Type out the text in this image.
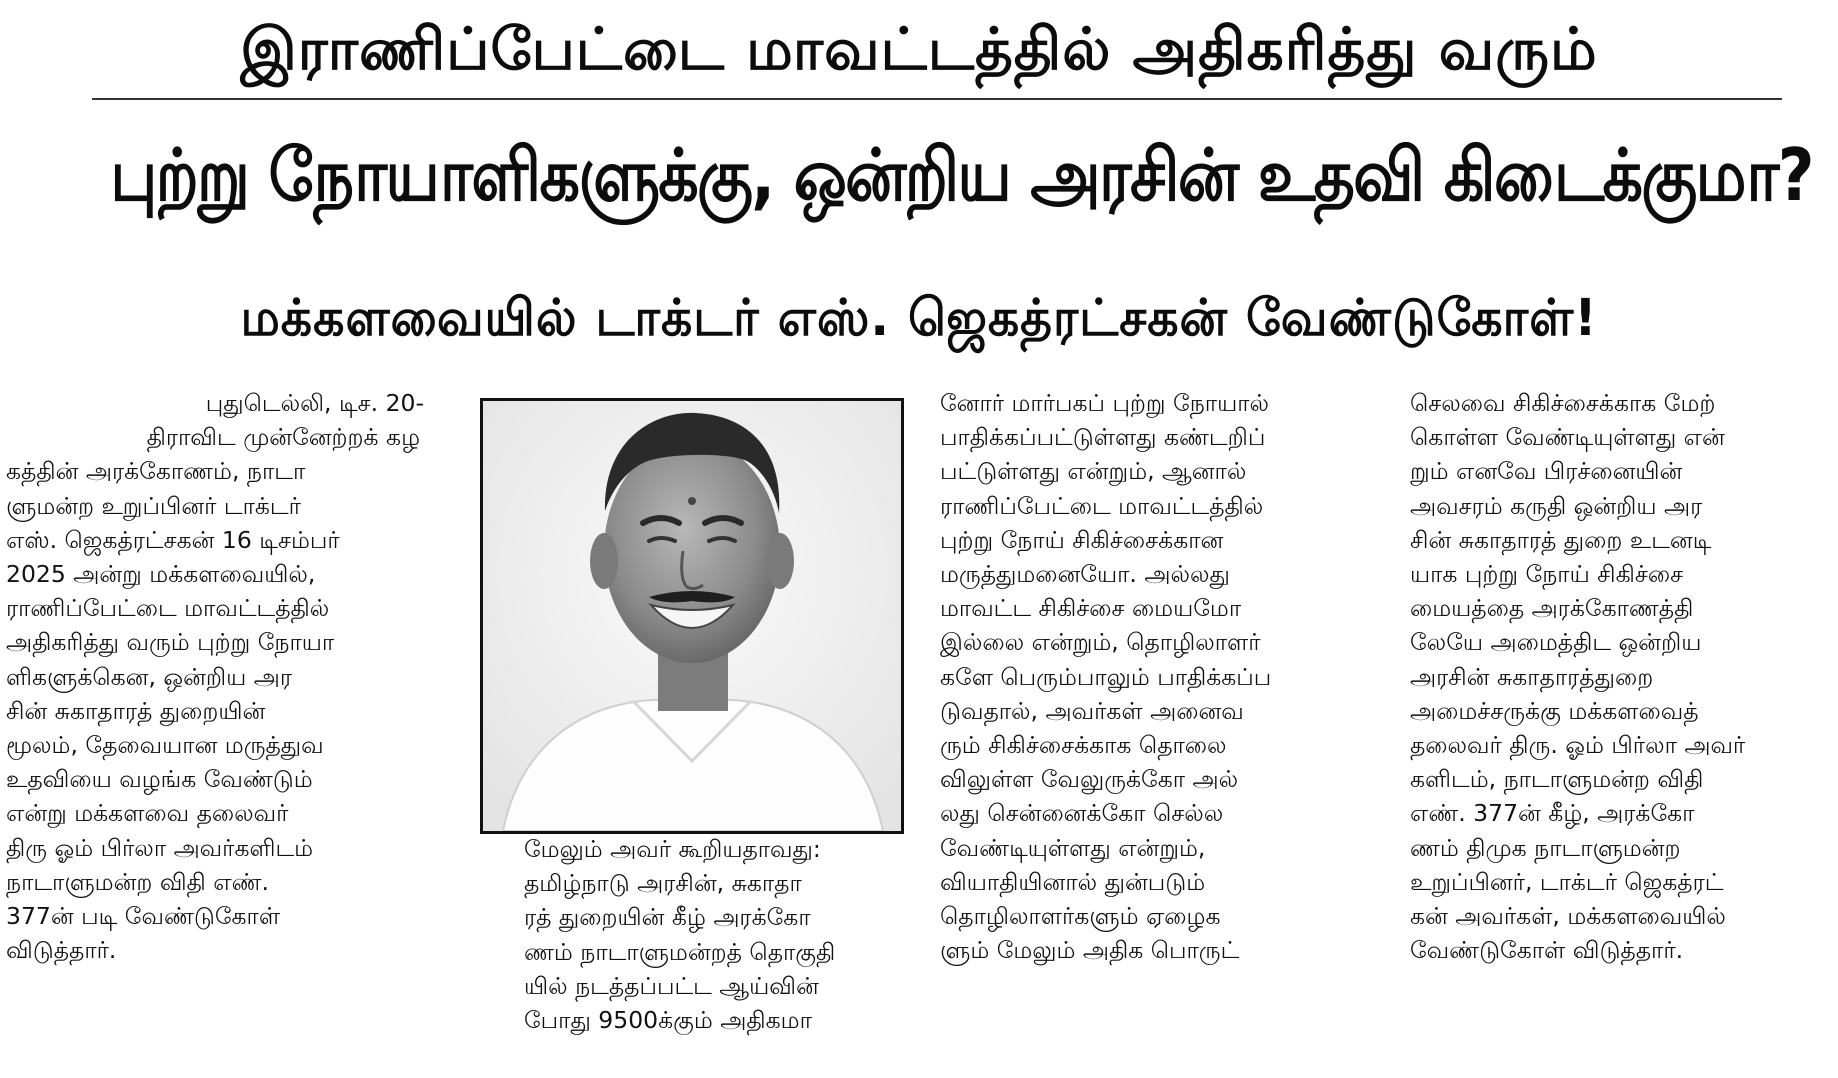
இராணிப்பேட்டை மாவட்டத்தில் அதிகரித்து வரும்
புற்று நோயாளிகளுக்கு, ஒன்றிய அரசின் உதவி கிடைக்குமா?
மக்களவையில் டாக்டர் எஸ். ஜெகத்ரட்சகன் வேண்டுகோள்!
புதுடெல்லி, டிச. 20-
திராவிட முன்னேற்றக் கழ
கத்தின் அரக்கோணம், நாடா
ளுமன்ற உறுப்பினர் டாக்டர்
எஸ். ஜெகத்ரட்சகன் 16 டிசம்பர்
2025 அன்று மக்களவையில்,
ராணிப்பேட்டை மாவட்டத்தில்
அதிகரித்து வரும் புற்று நோயா
ளிகளுக்கென, ஒன்றிய அர
சின் சுகாதாரத் துறையின்
மூலம், தேவையான மருத்துவ
உதவியை வழங்க வேண்டும்
என்று மக்களவை தலைவர்
திரு ஓம் பிர்லா அவர்களிடம்
நாடாளுமன்ற விதி எண்.
377ன் படி வேண்டுகோள்
விடுத்தார்.
மேலும் அவர் கூறியதாவது:
தமிழ்நாடு அரசின், சுகாதா
ரத் துறையின் கீழ் அரக்கோ
ணம் நாடாளுமன்றத் தொகுதி
யில் நடத்தப்பட்ட ஆய்வின்
போது 9500க்கும் அதிகமா
னோர் மார்பகப் புற்று நோயால்
பாதிக்கப்பட்டுள்ளது கண்டறிப்
பட்டுள்ளது என்றும், ஆனால்
ராணிப்பேட்டை மாவட்டத்தில்
புற்று நோய் சிகிச்சைக்கான
மருத்துமனையோ. அல்லது
மாவட்ட சிகிச்சை மையமோ
இல்லை என்றும், தொழிலாளர்
களே பெரும்பாலும் பாதிக்கப்ப
டுவதால், அவர்கள் அனைவ
ரும் சிகிச்சைக்காக தொலை
விலுள்ள வேலுருக்கோ அல்
லது சென்னைக்கோ செல்ல
வேண்டியுள்ளது என்றும்,
வியாதியினால் துன்படும்
தொழிலாளர்களும் ஏழைக
ளும் மேலும் அதிக பொருட்
செலவை சிகிச்சைக்காக மேற்
கொள்ள வேண்டியுள்ளது என்
றும் எனவே பிரச்னையின்
அவசரம் கருதி ஒன்றிய அர
சின் சுகாதாரத் துறை உடனடி
யாக புற்று நோய் சிகிச்சை
மையத்தை அரக்கோணத்தி
லேயே அமைத்திட ஒன்றிய
அரசின் சுகாதாரத்துறை
அமைச்சருக்கு மக்களவைத்
தலைவர் திரு. ஓம் பிர்லா அவர்
களிடம், நாடாளுமன்ற விதி
எண். 377ன் கீழ், அரக்கோ
ணம் திமுக நாடாளுமன்ற
உறுப்பினர், டாக்டர் ஜெகத்ரட்
கன் அவர்கள், மக்களவையில்
வேண்டுகோள் விடுத்தார்.
